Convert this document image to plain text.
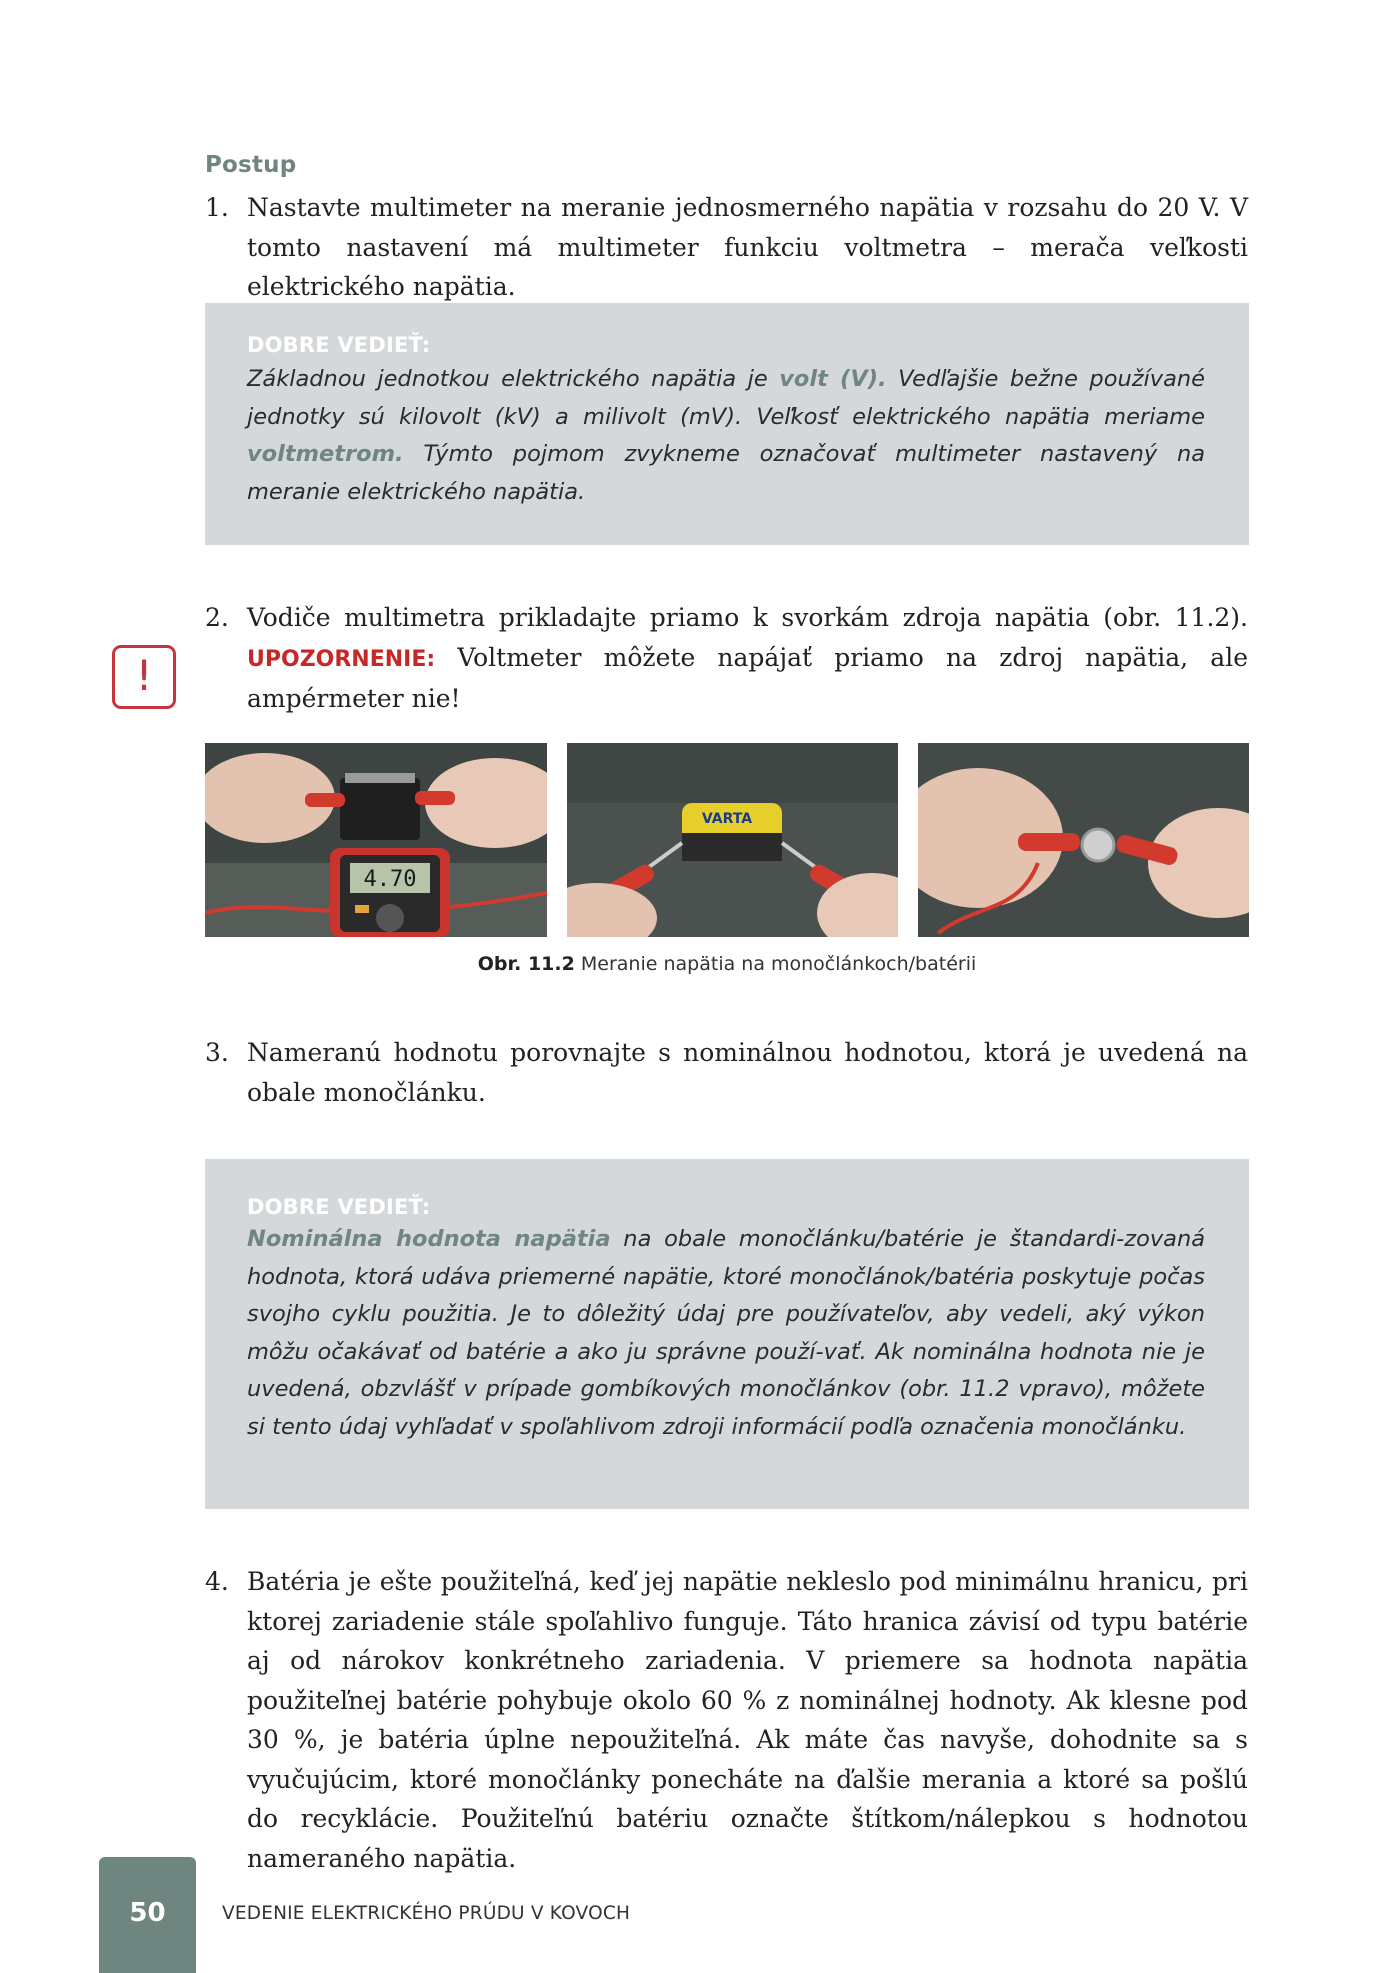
Postup
1. Nastavte multimeter na meranie jednosmerného napätia v rozsahu do 20 V. V tomto nastavení má multimeter funkciu voltmetra – merača veľkosti elektrického napätia.
DOBRE VEDIEŤ:
Základnou jednotkou elektrického napätia je volt (V). Vedľajšie bežne používané jednotky sú kilovolt (kV) a milivolt (mV). Veľkosť elektrického napätia meriame voltmetrom. Týmto pojmom zvykneme označovať multimeter nastavený na meranie elektrického napätia.
2. Vodiče multimetra prikladajte priamo k svorkám zdroja napätia (obr. 11.2). UPOZORNENIE: Voltmeter môžete napájať priamo na zdroj napätia, ale ampérmeter nie!
!
4.70
VARTA
Obr. 11.2 Meranie napätia na monočlánkoch/batérii
3. Nameranú hodnotu porovnajte s nominálnou hodnotou, ktorá je uvedená na obale monočlánku.
DOBRE VEDIEŤ:
Nominálna hodnota napätia na obale monočlánku/batérie je štandardi-zovaná hodnota, ktorá udáva priemerné napätie, ktoré monočlánok/batéria poskytuje počas svojho cyklu použitia. Je to dôležitý údaj pre používateľov, aby vedeli, aký výkon môžu očakávať od batérie a ako ju správne použí-vať. Ak nominálna hodnota nie je uvedená, obzvlášť v prípade gombíkových monočlánkov (obr. 11.2 vpravo), môžete si tento údaj vyhľadať v spoľahlivom zdroji informácií podľa označenia monočlánku.
4. Batéria je ešte použiteľná, keď jej napätie nekleslo pod minimálnu hranicu, pri ktorej zariadenie stále spoľahlivo funguje. Táto hranica závisí od typu batérie aj od nárokov konkrétneho zariadenia. V priemere sa hodnota napätia použiteľnej batérie pohybuje okolo 60 % z nominálnej hodnoty. Ak klesne pod 30 %, je batéria úplne nepoužiteľná. Ak máte čas navyše, dohodnite sa s vyučujúcim, ktoré monočlánky ponecháte na ďalšie merania a ktoré sa pošlú do recyklácie. Použiteľnú batériu označte štítkom/nálepkou s hodnotou nameraného napätia.
50	VEDENIE ELEKTRICKÉHO PRÚDU V KOVOCH
